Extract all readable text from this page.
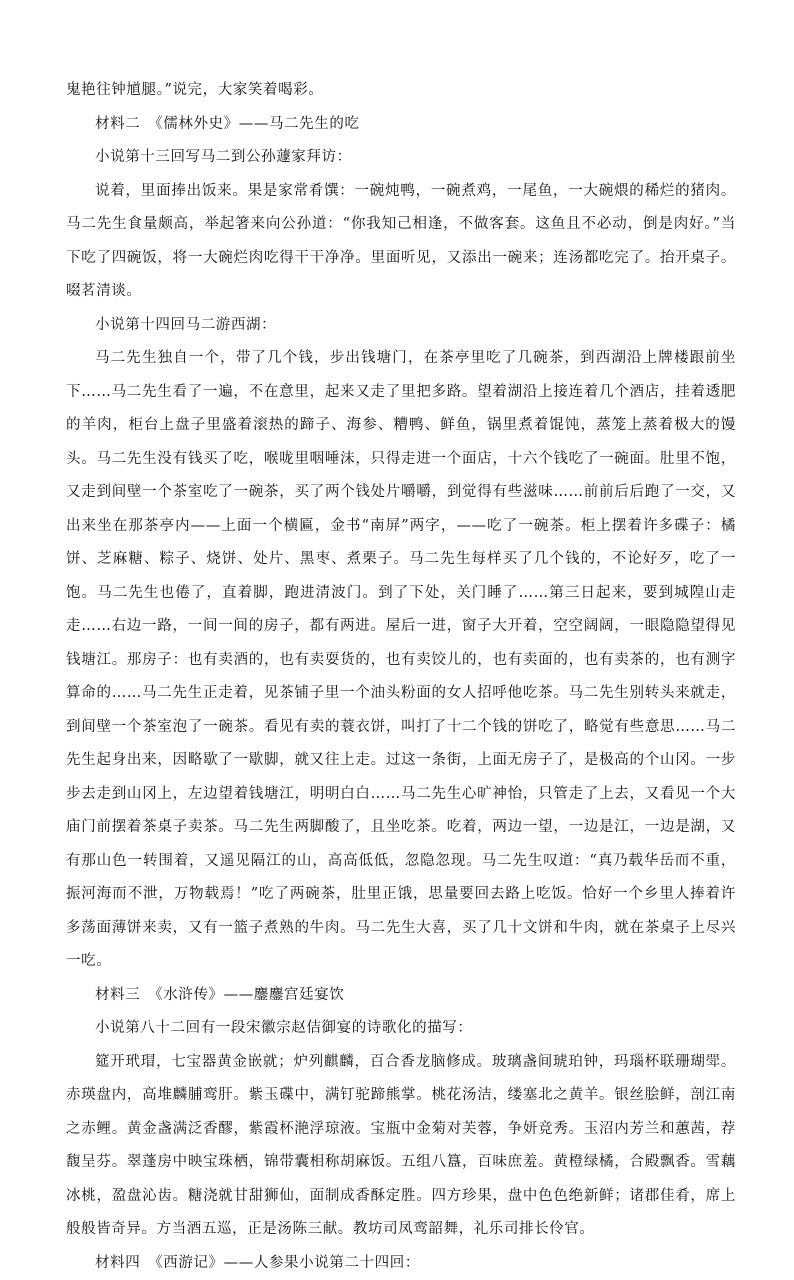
鬼艳往钟馗腿。”说完，大家笑着喝彩。

材料二　《儒林外史》——马二先生的吃

小说第十三回写马二到公孙蘧家拜访：

说着，里面捧出饭来。果是家常肴馔：一碗炖鸭，一碗煮鸡，一尾鱼，一大碗煨的稀烂的猪肉。马二先生食量颇高，举起箸来向公孙道：“你我知己相逢，不做客套。这鱼且不必动，倒是肉好。”当下吃了四碗饭，将一大碗烂肉吃得干干净净。里面听见，又添出一碗来；连汤都吃完了。抬开桌子。啜茗清谈。

小说第十四回马二游西湖：

马二先生独自一个，带了几个钱，步出钱塘门，在茶亭里吃了几碗茶，到西湖沿上牌楼跟前坐下……马二先生看了一遍，不在意里，起来又走了里把多路。望着湖沿上接连着几个酒店，挂着透肥的羊肉，柜台上盘子里盛着滚热的蹄子、海参、糟鸭、鲜鱼，锅里煮着馄饨，蒸笼上蒸着极大的馒头。马二先生没有钱买了吃，喉咙里咽唾沫，只得走进一个面店，十六个钱吃了一碗面。肚里不饱，又走到间壁一个茶室吃了一碗茶，买了两个钱处片嚼嚼，到觉得有些滋味……前前后后跑了一交，又出来坐在那茶亭内——上面一个横匾，金书“南屏”两字，——吃了一碗茶。柜上摆着许多碟子：橘饼、芝麻糖、粽子、烧饼、处片、黑枣、煮栗子。马二先生每样买了几个钱的，不论好歹，吃了一饱。马二先生也倦了，直着脚，跑进清波门。到了下处，关门睡了……第三日起来，要到城隍山走走……右边一路，一间一间的房子，都有两进。屋后一进，窗子大开着，空空阔阔，一眼隐隐望得见钱塘江。那房子：也有卖酒的，也有卖耍货的，也有卖饺儿的，也有卖面的，也有卖茶的，也有测字算命的……马二先生正走着，见茶铺子里一个油头粉面的女人招呼他吃茶。马二先生别转头来就走，到间壁一个茶室泡了一碗茶。看见有卖的蓑衣饼，叫打了十二个钱的饼吃了，略觉有些意思……马二先生起身出来，因略歇了一歇脚，就又往上走。过这一条街，上面无房子了，是极高的个山冈。一步步去走到山冈上，左边望着钱塘江，明明白白……马二先生心旷神怡，只管走了上去，又看见一个大庙门前摆着茶桌子卖茶。马二先生两脚酸了，且坐吃茶。吃着，两边一望，一边是江，一边是湖，又有那山色一转围着，又遥见隔江的山，高高低低，忽隐忽现。马二先生叹道：“真乃载华岳而不重，振河海而不泄，万物载焉！”吃了两碗茶，肚里正饿，思量要回去路上吃饭。恰好一个乡里人捧着许多荡面薄饼来卖，又有一篮子煮熟的牛肉。马二先生大喜，买了几十文饼和牛肉，就在茶桌子上尽兴一吃。

材料三　《水浒传》——鏖鏖宫廷宴饮

小说第八十二回有一段宋徽宗赵佶御宴的诗歌化的描写：

筵开玳瑁，七宝器黄金嵌就；炉列麒麟，百合香龙脑修成。玻璃盏间琥珀钟，玛瑙杯联珊瑚斝。赤瑛盘内，高堆麟脯鸾肝。紫玉碟中，满钉驼蹄熊掌。桃花汤洁，缕塞北之黄羊。银丝脍鲜，剖江南之赤鲤。黄金盏满泛香醪，紫霞杯滟浮琼液。宝瓶中金菊对芙蓉，争妍竞秀。玉沼内芳兰和蕙茜，荐馥呈芬。翠蓬房中映宝珠栖，锦带囊相称胡麻饭。五组八簋，百味庶羞。黄橙绿橘，合殿飘香。雪藕冰桃，盈盘沁齿。糖浇就甘甜狮仙，面制成香酥定胜。四方珍果，盘中色色绝新鲜；诸郡佳肴，席上般般皆奇异。方当酒五巡，正是汤陈三献。教坊司凤鸾韶舞，礼乐司排长伶官。

材料四　《西游记》——人参果小说第二十四回：
